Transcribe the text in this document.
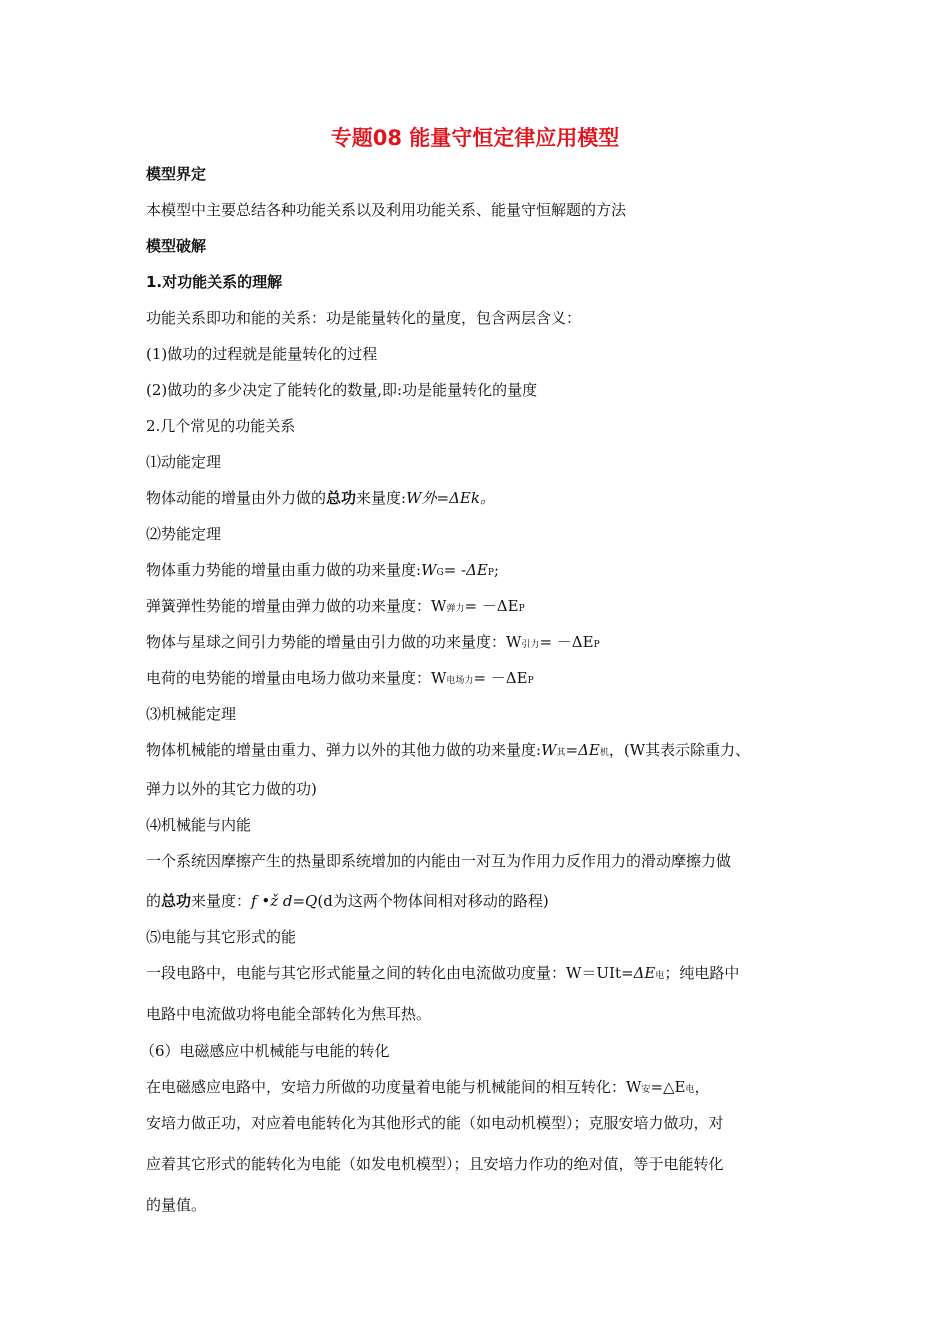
专题08 能量守恒定律应用模型
模型界定
本模型中主要总结各种功能关系以及利用功能关系、能量守恒解题的方法
模型破解
1.对功能关系的理解
功能关系即功和能的关系：功是能量转化的量度，包含两层含义：
(1)做功的过程就是能量转化的过程
(2)做功的多少决定了能转化的数量,即:功是能量转化的量度
2.几个常见的功能关系
⑴动能定理
物体动能的增量由外力做的总功来量度:W外=ΔEk。
⑵势能定理
物体重力势能的增量由重力做的功来量度:WG= -ΔEP;
弹簧弹性势能的增量由弹力做的功来量度：W弹力= －ΔEP
物体与星球之间引力势能的增量由引力做的功来量度：W引力= －ΔEP
电荷的电势能的增量由电场力做功来量度：W电场力= －ΔEP
⑶机械能定理
物体机械能的增量由重力、弹力以外的其他力做的功来量度:W其=ΔE机，(W其表示除重力、
弹力以外的其它力做的功)
⑷机械能与内能
一个系统因摩擦产生的热量即系统增加的内能由一对互为作用力反作用力的滑动摩擦力做
的总功来量度：f •ž d=Q(d为这两个物体间相对移动的路程)
⑸电能与其它形式的能
一段电路中，电能与其它形式能量之间的转化由电流做功度量：W＝UIt=ΔE电；纯电路中
电路中电流做功将电能全部转化为焦耳热。
（6）电磁感应中机械能与电能的转化
在电磁感应电路中，安培力所做的功度量着电能与机械能间的相互转化：W安=△E电，
安培力做正功，对应着电能转化为其他形式的能（如电动机模型）；克服安培力做功，对
应着其它形式的能转化为电能（如发电机模型）；且安培力作功的绝对值，等于电能转化
的量值。
